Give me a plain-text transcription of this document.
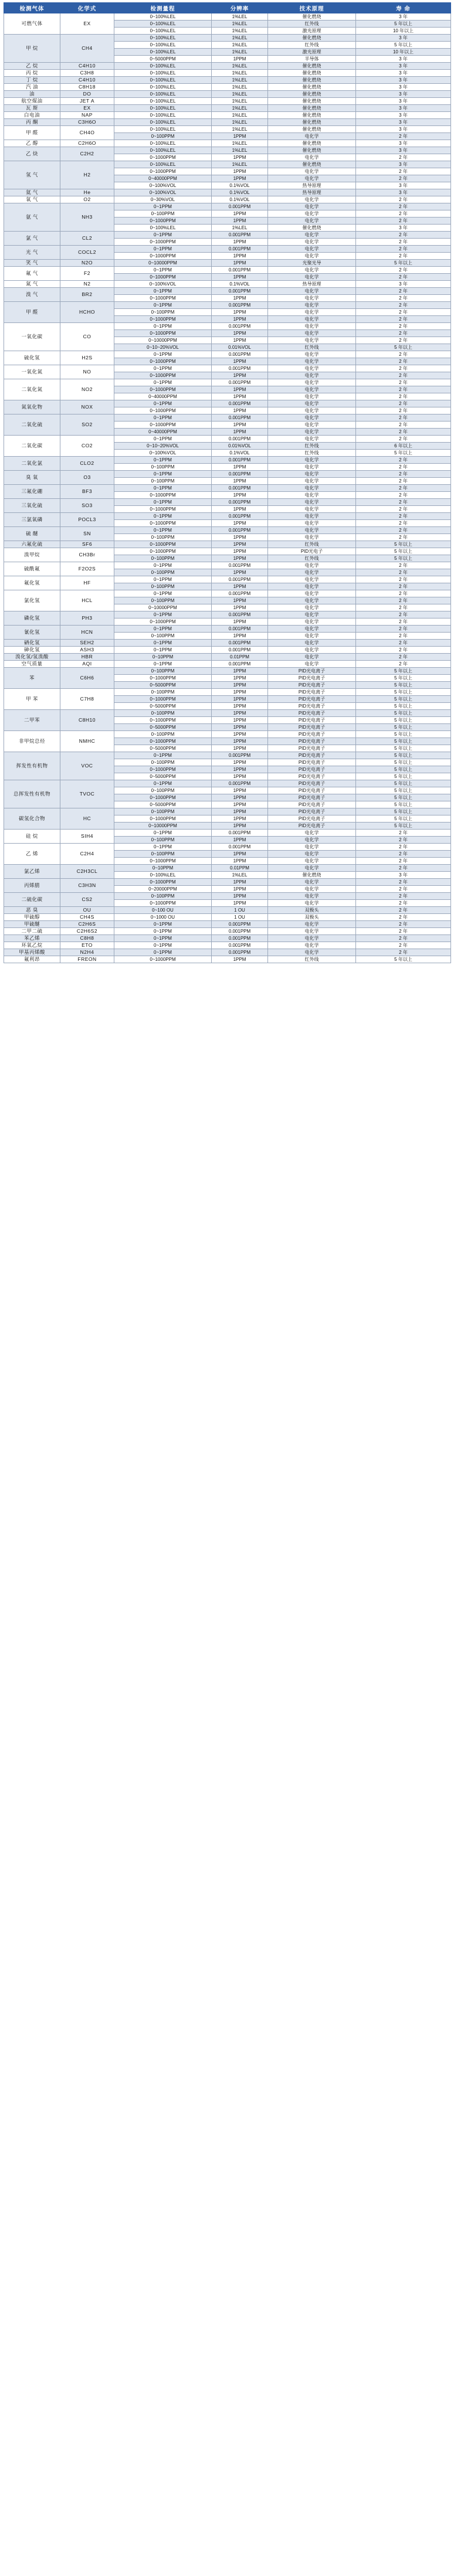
检测气体	化学式	检测量程	分辨率	技术原理	寿 命
可燃气体	EX	0~100%LEL	1%LEL	催化燃烧	3 年
		0~100%LEL	1%LEL	红外线	5 年以上
		0~100%LEL	1%LEL	激光原理	10 年以上
甲 烷	CH4	0~100%LEL	1%LEL	催化燃烧	3 年
		0~100%LEL	1%LEL	红外线	5 年以上
		0~100%LEL	1%LEL	激光原理	10 年以上
		0~5000PPM	1PPM	半导体	3 年
乙 烷	C4H10	0~100%LEL	1%LEL	催化燃烧	3 年
丙 烷	C3H8	0~100%LEL	1%LEL	催化燃烧	3 年
丁 烷	C4H10	0~100%LEL	1%LEL	催化燃烧	3 年
汽 油	C8H18	0~100%LEL	1%LEL	催化燃烧	3 年
油	DO	0~100%LEL	1%LEL	催化燃烧	3 年
航空煤油	JET A	0~100%LEL	1%LEL	催化燃烧	3 年
瓦 斯	EX	0~100%LEL	1%LEL	催化燃烧	3 年
白电油	NAP	0~100%LEL	1%LEL	催化燃烧	3 年
丙 酮	C3H6O	0~100%LEL	1%LEL	催化燃烧	3 年
甲 醛	CH4O	0~100%LEL	1%LEL	催化燃烧	3 年
		0~100PPM	1PPM	电化学	2 年
乙 醇	C2H6O	0~100%LEL	1%LEL	催化燃烧	3 年
乙 炔	C2H2	0~100%LEL	1%LEL	催化燃烧	3 年
		0~1000PPM	1PPM	电化学	2 年
氢 气	H2	0~100%LEL	1%LEL	催化燃烧	3 年
		0~1000PPM	1PPM	电化学	2 年
		0~40000PPM	1PPM	电化学	2 年
		0~100%VOL	0.1%VOL	热导原理	3 年
氦 气	He	0~100%VOL	0.1%VOL	热导原理	3 年
氧 气	O2	0~30%VOL	0.1%VOL	电化学	2 年
氨 气	NH3	0~1PPM	0.001PPM	电化学	2 年
		0~100PPM	1PPM	电化学	2 年
		0~1000PPM	1PPM	电化学	2 年
		0~100%LEL	1%LEL	催化燃烧	3 年
氯 气	CL2	0~1PPM	0.001PPM	电化学	2 年
		0~1000PPM	1PPM	电化学	2 年
光 气	COCL2	0~1PPM	0.001PPM	电化学	2 年
		0~1000PPM	1PPM	电化学	2 年
笑 气	N2O	0~10000PPM	1PPM	光聚光导	5 年以上
氟 气	F2	0~1PPM	0.001PPM	电化学	2 年
		0~1000PPM	1PPM	电化学	2 年
氮 气	N2	0~100%VOL	0.1%VOL	热导原理	3 年
溴 气	BR2	0~1PPM	0.001PPM	电化学	2 年
		0~1000PPM	1PPM	电化学	2 年
甲 醛	HCHO	0~1PPM	0.001PPM	电化学	2 年
		0~100PPM	1PPM	电化学	2 年
		0~1000PPM	1PPM	电化学	2 年
一氧化碳	CO	0~1PPM	0.001PPM	电化学	2 年
		0~1000PPM	1PPM	电化学	2 年
		0~10000PPM	1PPM	电化学	2 年
		0~10~20%VOL	0.01%VOL	红外线	5 年以上
硫化氢	H2S	0~1PPM	0.001PPM	电化学	2 年
		0~1000PPM	1PPM	电化学	2 年
一氧化氮	NO	0~1PPM	0.001PPM	电化学	2 年
		0~1000PPM	1PPM	电化学	2 年
二氧化氮	NO2	0~1PPM	0.001PPM	电化学	2 年
		0~1000PPM	1PPM	电化学	2 年
		0~40000PPM	1PPM	电化学	2 年
氮氧化物	NOX	0~1PPM	0.001PPM	电化学	2 年
		0~1000PPM	1PPM	电化学	2 年
二氧化硫	SO2	0~1PPM	0.001PPM	电化学	2 年
		0~1000PPM	1PPM	电化学	2 年
		0~40000PPM	1PPM	电化学	2 年
二氧化碳	CO2	0~1PPM	0.001PPM	电化学	2 年
		0~10~20%VOL	0.01%VOL	红外线	6 年以上
		0~100%VOL	0.1%VOL	红外线	5 年以上
二氧化氯	CLO2	0~1PPM	0.001PPM	电化学	2 年
		0~100PPM	1PPM	电化学	2 年
臭 氧	O3	0~1PPM	0.001PPM	电化学	2 年
		0~100PPM	1PPM	电化学	2 年
三氟化硼	BF3	0~1PPM	0.001PPM	电化学	2 年
		0~1000PPM	1PPM	电化学	2 年
三氧化硫	SO3	0~1PPM	0.001PPM	电化学	2 年
		0~1000PPM	1PPM	电化学	2 年
三氯氧磷	POCL3	0~1PPM	0.001PPM	电化学	2 年
		0~1000PPM	1PPM	电化学	2 年
硫 醚	SN	0~1PPM	0.001PPM	电化学	2 年
		0~100PPM	1PPM	电化学	2 年
六氟化硫	SF6	0~1000PPM	1PPM	红外线	5 年以上
溴甲烷	CH3Br	0~1000PPM	1PPM	PID光电子	5 年以上
		0~100PPM	1PPM	红外线	5 年以上
硫酰氟	F2O2S	0~1PPM	0.001PPM	电化学	2 年
		0~100PPM	1PPM	电化学	2 年
氟化氢	HF	0~1PPM	0.001PPM	电化学	2 年
		0~100PPM	1PPM	电化学	2 年
氯化氢	HCL	0~1PPM	0.001PPM	电化学	2 年
		0~100PPM	1PPM	电化学	2 年
		0~10000PPM	1PPM	电化学	2 年
磷化氢	PH3	0~1PPM	0.001PPM	电化学	2 年
		0~1000PPM	1PPM	电化学	2 年
氰化氢	HCN	0~1PPM	0.001PPM	电化学	2 年
		0~100PPM	1PPM	电化学	2 年
硒化氢	SEH2	0~1PPM	0.001PPM	电化学	2 年
砷化氢	ASH3	0~1PPM	0.001PPM	电化学	2 年
溴化氢/氢溴酸	HBR	0~10PPM	0.01PPM	电化学	2 年
空气质量	AQI	0~1PPM	0.001PPM	电化学	2 年
苯	C6H6	0~100PPM	1PPM	PID光电离子	5 年以上
		0~1000PPM	1PPM	PID光电离子	5 年以上
		0~5000PPM	1PPM	PID光电离子	5 年以上
甲 苯	C7H8	0~100PPM	1PPM	PID光电离子	5 年以上
		0~1000PPM	1PPM	PID光电离子	5 年以上
		0~5000PPM	1PPM	PID光电离子	5 年以上
二甲苯	C8H10	0~100PPM	1PPM	PID光电离子	5 年以上
		0~1000PPM	1PPM	PID光电离子	5 年以上
		0~5000PPM	1PPM	PID光电离子	5 年以上
非甲烷总烃	NMHC	0~100PPM	1PPM	PID光电离子	5 年以上
		0~1000PPM	1PPM	PID光电离子	5 年以上
		0~5000PPM	1PPM	PID光电离子	5 年以上
挥发性有机物	VOC	0~1PPM	0.001PPM	PID光电离子	5 年以上
		0~100PPM	1PPM	PID光电离子	5 年以上
		0~1000PPM	1PPM	PID光电离子	5 年以上
		0~5000PPM	1PPM	PID光电离子	5 年以上
总挥发性有机物	TVOC	0~1PPM	0.001PPM	PID光电离子	5 年以上
		0~100PPM	1PPM	PID光电离子	5 年以上
		0~1000PPM	1PPM	PID光电离子	5 年以上
		0~5000PPM	1PPM	PID光电离子	5 年以上
碳氢化合物	HC	0~100PPM	1PPM	PID光电离子	5 年以上
		0~1000PPM	1PPM	PID光电离子	5 年以上
		0~10000PPM	1PPM	PID光电离子	5 年以上
硅 烷	SIH4	0~1PPM	0.001PPM	电化学	2 年
		0~100PPM	1PPM	电化学	2 年
乙 烯	C2H4	0~1PPM	0.001PPM	电化学	2 年
		0~100PPM	1PPM	电化学	2 年
		0~1000PPM	1PPM	电化学	2 年
氯乙烯	C2H3CL	0~10PPM	0.01PPM	电化学	2 年
		0~100%LEL	1%LEL	催化燃烧	3 年
丙烯腈	C3H3N	0~1000PPM	1PPM	电化学	2 年
		0~20000PPM	1PPM	电化学	2 年
二硫化碳	CS2	0~100PPM	1PPM	电化学	2 年
		0~1000PPM	1PPM	电化学	2 年
恶 臭	OU	0~100 OU	1 OU	双极头	2 年
甲硫醇	CH4S	0~1000 OU	1 OU	双极头	2 年
甲硫醚	C2H6S	0~1PPM	0.001PPM	电化学	2 年
二甲二硫	C2H6S2	0~1PPM	0.001PPM	电化学	2 年
苯乙烯	C8H8	0~1PPM	0.001PPM	电化学	2 年
环氧乙烷	ETO	0~1PPM	0.001PPM	电化学	2 年
甲基丙烯酸	N2H4	0~1PPM	0.001PPM	电化学	2 年
氟利昂	FREON	0~1000PPM	1PPM	红外线	5 年以上
